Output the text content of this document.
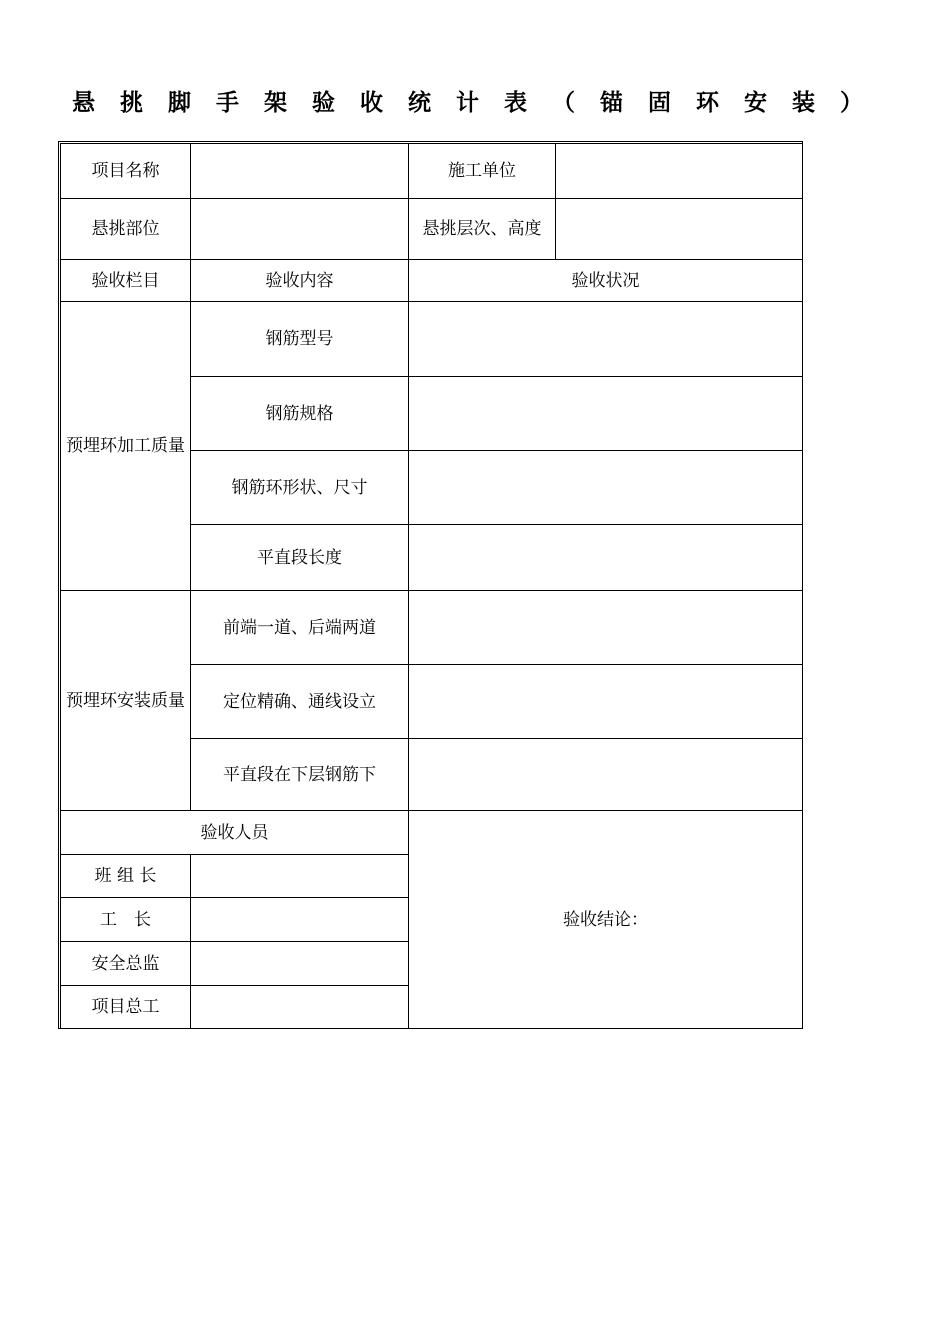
悬挑脚手架验收统计表（锚固环安装）
项目名称		施工单位	
悬挑部位		悬挑层次、高度	
验收栏目	验收内容	验收状况	
预埋环加工质量	钢筋型号		
	钢筋规格		
	钢筋环形状、尺寸		
	平直段长度		
预埋环安装质量	前端一道、后端两道		
	定位精确、通线设立		
	平直段在下层钢筋下		
验收人员		验收结论：	
班 组 长			
工　长			
安全总监			
项目总工			
